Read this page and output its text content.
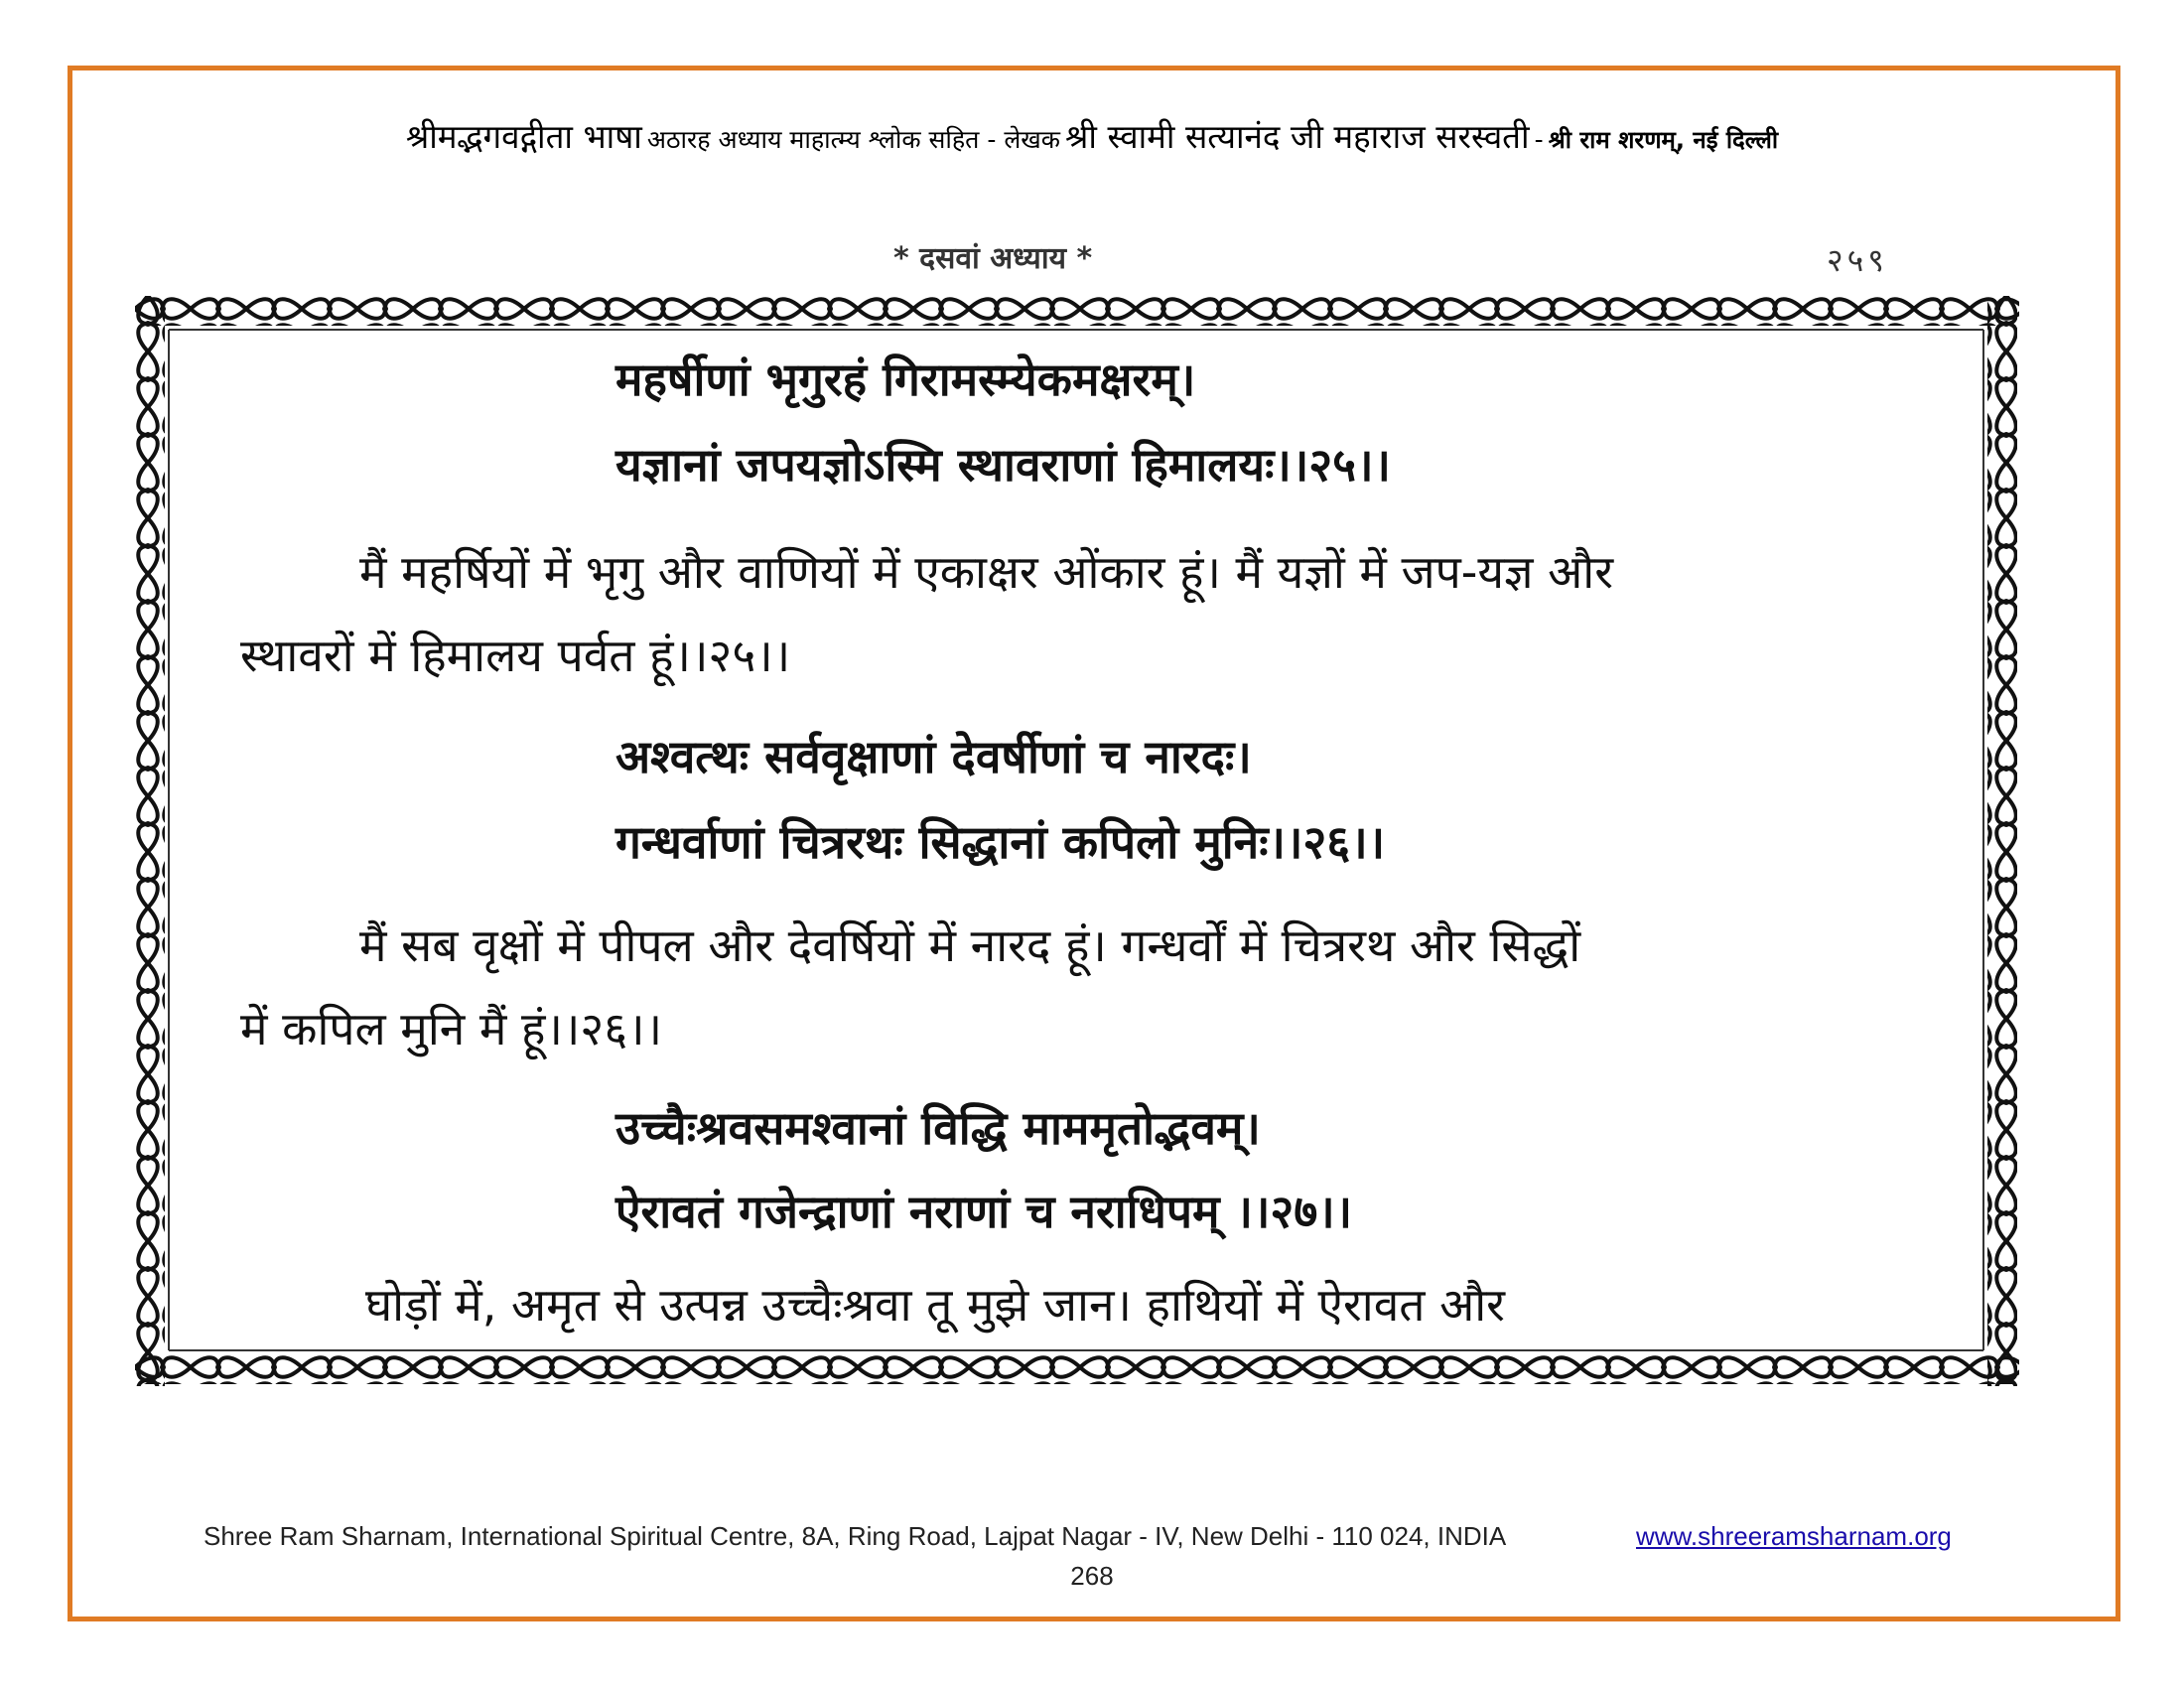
श्रीमद्भगवद्गीता भाषा अठारह अध्याय माहात्म्य श्लोक सहित - लेखक श्री स्वामी सत्यानंद जी महाराज सरस्वती - श्री राम शरणम्, नई दिल्ली
* दसवां अध्याय *	२५९
महर्षीणां भृगुरहं गिरामस्म्येकमक्षरम्।
यज्ञानां जपयज्ञोऽस्मि स्थावराणां हिमालयः।।२५।।
मैं महर्षियों में भृगु और वाणियों में एकाक्षर ओंकार हूं। मैं यज्ञों में जप-यज्ञ और
स्थावरों में हिमालय पर्वत हूं।।२५।।
अश्वत्थः सर्ववृक्षाणां देवर्षीणां च नारदः।
गन्धर्वाणां चित्ररथः सिद्धानां कपिलो मुनिः।।२६।।
मैं सब वृक्षों में पीपल और देवर्षियों में नारद हूं। गन्धर्वों में चित्ररथ और सिद्धों
में कपिल मुनि मैं हूं।।२६।।
उच्चैःश्रवसमश्वानां विद्धि माममृतोद्भवम्।
ऐरावतं गजेन्द्राणां नराणां च नराधिपम् ।।२७।।
घोड़ों में, अमृत से उत्पन्न उच्चैःश्रवा तू मुझे जान। हाथियों में ऐरावत और
Shree Ram Sharnam, International Spiritual Centre, 8A, Ring Road, Lajpat Nagar - IV, New Delhi - 110 024, INDIA	www.shreeramsharnam.org
268
